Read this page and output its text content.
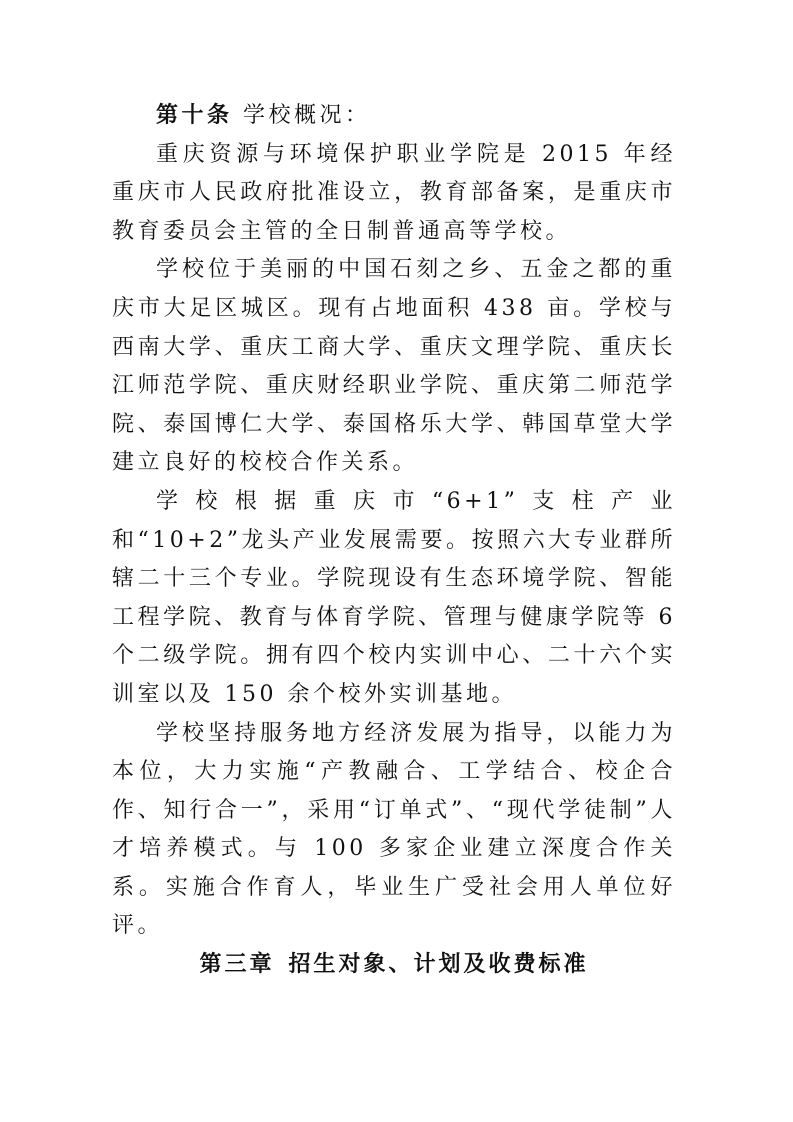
第十条 学校概况：

重庆资源与环境保护职业学院是 2015 年经重庆市人民政府批准设立，教育部备案，是重庆市教育委员会主管的全日制普通高等学校。

学校位于美丽的中国石刻之乡、五金之都的重庆市大足区城区。现有占地面积 438 亩。学校与西南大学、重庆工商大学、重庆文理学院、重庆长江师范学院、重庆财经职业学院、重庆第二师范学院、泰国博仁大学、泰国格乐大学、韩国草堂大学建立良好的校校合作关系。

学校根据重庆市“6+1”支柱产业和“10+2”龙头产业发展需要。按照六大专业群所辖二十三个专业。学院现设有生态环境学院、智能工程学院、教育与体育学院、管理与健康学院等 6 个二级学院。拥有四个校内实训中心、二十六个实训室以及 150 余个校外实训基地。

学校坚持服务地方经济发展为指导，以能力为本位，大力实施“产教融合、工学结合、校企合作、知行合一”，采用“订单式”、“现代学徒制”人才培养模式。与 100 多家企业建立深度合作关系。实施合作育人，毕业生广受社会用人单位好评。

第三章 招生对象、计划及收费标准
